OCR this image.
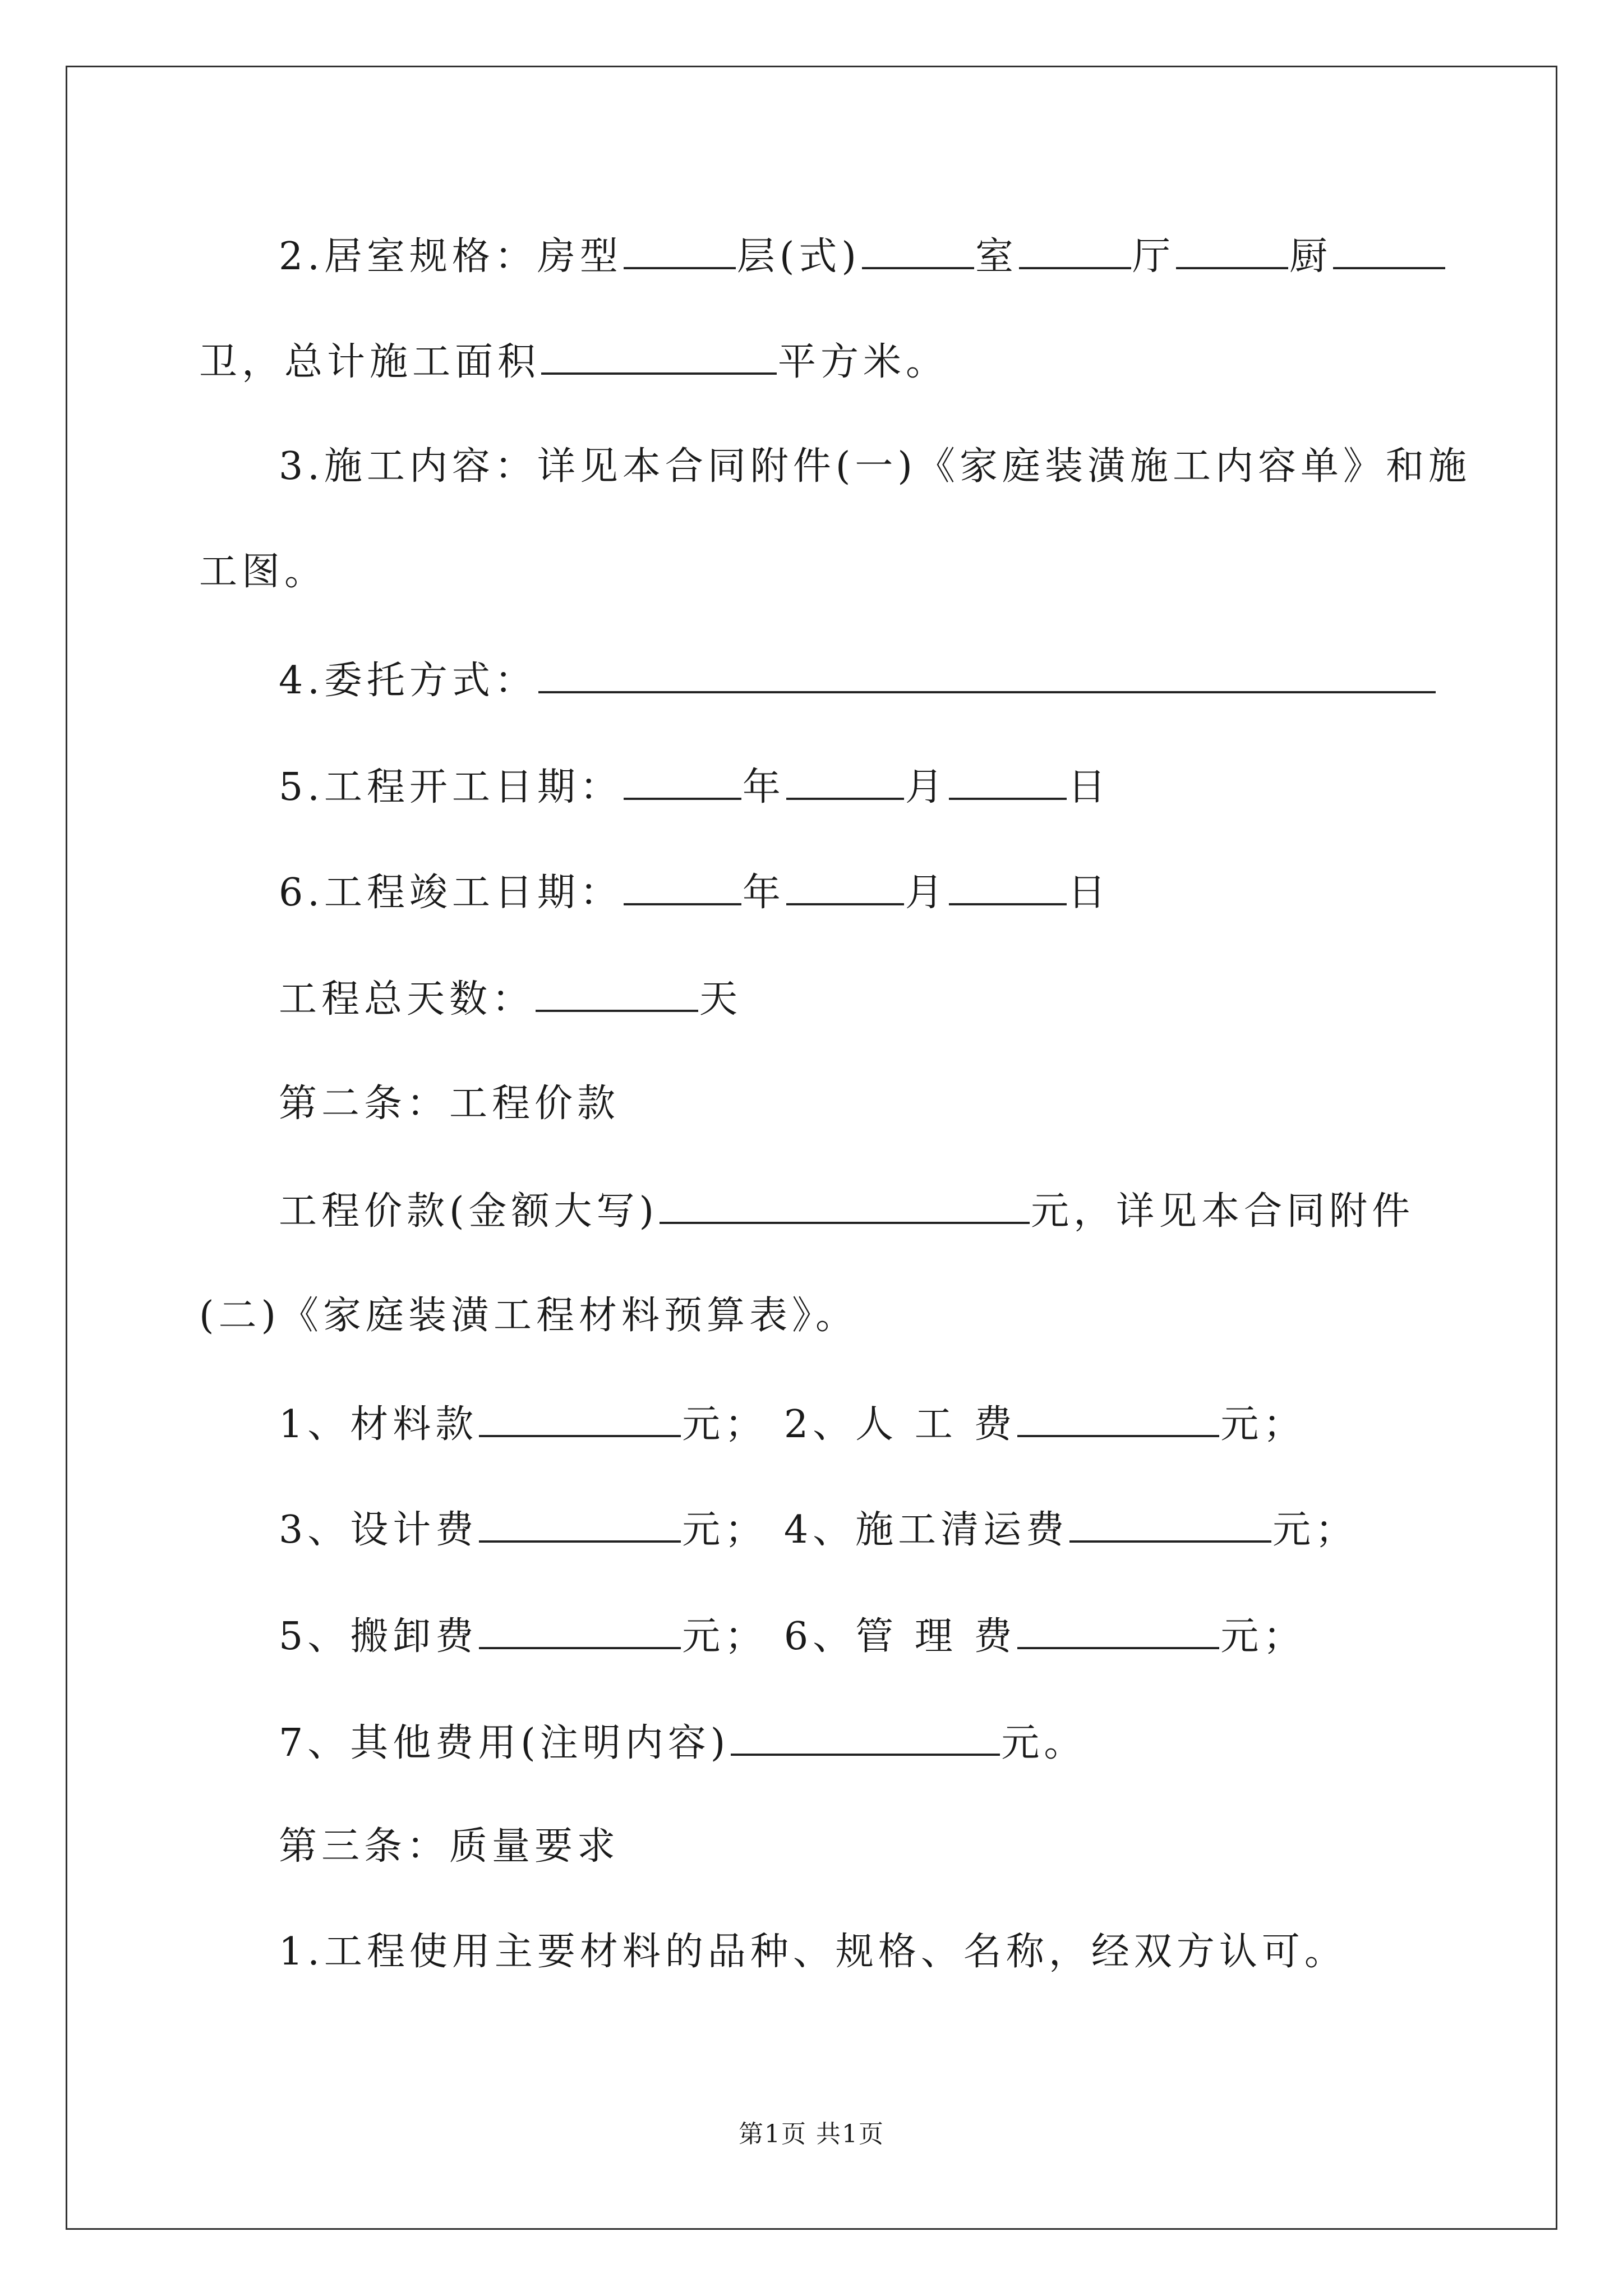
2.居室规格：房型	层(式)	室	厅	厨
卫，总计施工面积	平方米。
3.施工内容：详见本合同附件(一)《家庭装潢施工内容单》和施
工图。
4.委托方式：
5.工程开工日期：	年	月	日
6.工程竣工日期：	年	月	日
工程总天数：	天
第二条：工程价款
工程价款(金额大写)	元，详见本合同附件
(二)《家庭装潢工程材料预算表》。
1、材料款	元； 2、人 工 费	元；
3、设计费	元； 4、施工清运费	元；
5、搬卸费	元； 6、管 理 费	元；
7、其他费用(注明内容)	元。
第三条：质量要求
1.工程使用主要材料的品种、规格、名称，经双方认可。
第1页 共1页
